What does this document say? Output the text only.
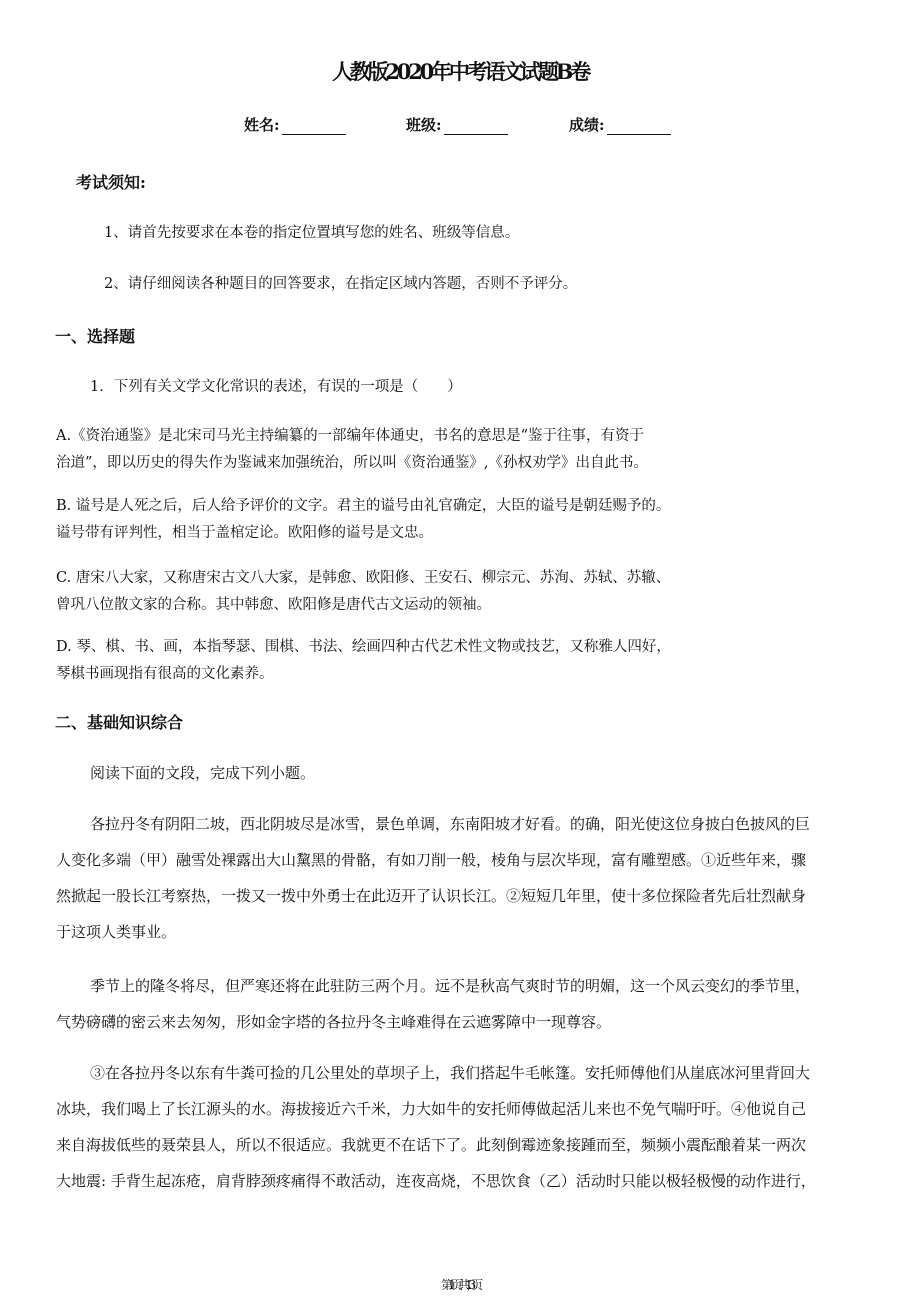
人教版2020年中考语文试题B卷
姓名:	班级:	成绩:
考试须知:
1、请首先按要求在本卷的指定位置填写您的姓名、班级等信息。
2、请仔细阅读各种题目的回答要求，在指定区域内答题，否则不予评分。
一、选择题
1．下列有关文学文化常识的表述，有误的一项是（　　）
A.《资治通鉴》是北宋司马光主持编纂的一部编年体通史，书名的意思是“鉴于往事，有资于
治道”，即以历史的得失作为鉴诫来加强统治，所以叫《资治通鉴》,《孙权劝学》出自此书。
B. 谥号是人死之后，后人给予评价的文字。君主的谥号由礼官确定，大臣的谥号是朝廷赐予的。
谥号带有评判性，相当于盖棺定论。欧阳修的谥号是文忠。
C. 唐宋八大家，又称唐宋古文八大家，是韩愈、欧阳修、王安石、柳宗元、苏洵、苏轼、苏辙、
曾巩八位散文家的合称。其中韩愈、欧阳修是唐代古文运动的领袖。
D. 琴、棋、书、画，本指琴瑟、围棋、书法、绘画四种古代艺术性文物或技艺，又称雅人四好，
琴棋书画现指有很高的文化素养。
二、基础知识综合
阅读下面的文段，完成下列小题。
各拉丹冬有阴阳二坡，西北阴坡尽是冰雪，景色单调，东南阳坡才好看。的确，阳光使这位身披白色披风的巨
人变化多端（甲）融雪处裸露出大山黧黑的骨骼，有如刀削一般，棱角与层次毕现，富有雕塑感。①近些年来，骤
然掀起一股长江考察热，一拨又一拨中外勇士在此迈开了认识长江。②短短几年里，使十多位探险者先后壮烈献身
于这项人类事业。
季节上的隆冬将尽，但严寒还将在此驻防三两个月。远不是秋高气爽时节的明媚，这一个风云变幻的季节里，
气势磅礴的密云来去匆匆，形如金字塔的各拉丹冬主峰难得在云遮雾障中一现尊容。
③在各拉丹冬以东有牛粪可捡的几公里处的草坝子上，我们搭起牛毛帐篷。安托师傅他们从崖底冰河里背回大
冰块，我们喝上了长江源头的水。海拔接近六千米，力大如牛的安托师傅做起活儿来也不免气喘吁吁。④他说自己
来自海拔低些的聂荣县人，所以不很适应。我就更不在话下了。此刻倒霉迹象接踵而至，频频小震酝酿着某一两次
大地震: 手背生起冻疮，肩背脖颈疼痛得不敢活动，连夜高烧，不思饮食（乙）活动时只能以极轻极慢的动作进行，
第 1 页 共 13 页
